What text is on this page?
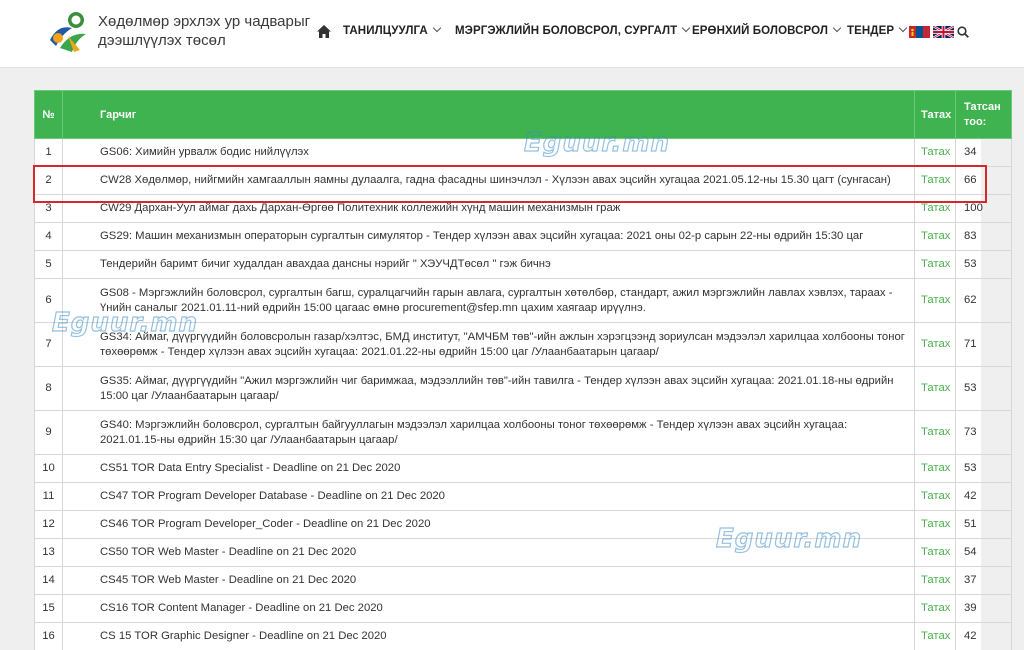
Хөдөлмөр эрхлэх ур чадварыг дээшлүүлэх төсөл
ТАНИЛЦУУЛГА	МЭРГЭЖЛИЙН БОЛОВСРОЛ, СУРГАЛТ	ЕРӨНХИЙ БОЛОВСРОЛ	ТЕНДЕР
№	Гарчиг	Татах	Татсан тоо:
1	GS06: Химийн урвалж бодис нийлүүлэх	Татах	34
2	CW28 Хөдөлмөр, нийгмийн хамгааллын яамны дулаалга, гадна фасадны шинэчлэл - Хүлээн авах эцсийн хугацаа 2021.05.12-ны 15.30 цагт (сунгасан)	Татах	66
3	CW29 Дархан-Уул аймаг дахь Дархан-Өргөө Политехник коллежийн хүнд машин механизмын граж	Татах	100
4	GS29: Машин механизмын операторын сургалтын симулятор - Тендер хүлээн авах эцсийн хугацаа: 2021 оны 02-р сарын 22-ны өдрийн 15:30 цаг	Татах	83
5	Тендерийн баримт бичиг худалдан авахдаа дансны нэрийг " ХЭУЧДТөсөл " гэж бичнэ	Татах	53
6	GS08 - Мэргэжлийн боловсрол, сургалтын багш, суралцагчийн гарын авлага, сургалтын хөтөлбөр, стандарт, ажил мэргэжлийн лавлах хэвлэх, тараах - Үнийн саналыг 2021.01.11-ний өдрийн 15:00 цагаас өмнө procurement@sfep.mn цахим хаягаар ирүүлнэ.	Татах	62
7	GS34: Аймаг, дүүргүүдийн боловсролын газар/хэлтэс, БМД институт, "АМЧБМ төв"-ийн ажлын хэрэгцээнд зориулсан мэдээлэл харилцаа холбооны тоног төхөөрөмж - Тендер хүлээн авах эцсийн хугацаа: 2021.01.22-ны өдрийн 15:00 цаг /Улаанбаатарын цагаар/	Татах	71
8	GS35: Аймаг, дүүргүүдийн "Ажил мэргэжлийн чиг баримжаа, мэдээллийн төв"-ийн тавилга - Тендер хүлээн авах эцсийн хугацаа: 2021.01.18-ны өдрийн 15:00 цаг /Улаанбаатарын цагаар/	Татах	53
9	GS40: Мэргэжлийн боловсрол, сургалтын байгууллагын мэдээлэл харилцаа холбооны тоног төхөөрөмж - Тендер хүлээн авах эцсийн хугацаа: 2021.01.15-ны өдрийн 15:30 цаг /Улаанбаатарын цагаар/	Татах	73
10	CS51 TOR Data Entry Specialist - Deadline on 21 Dec 2020	Татах	53
11	CS47 TOR Program Developer Database - Deadline on 21 Dec 2020	Татах	42
12	CS46 TOR Program Developer_Coder - Deadline on 21 Dec 2020	Татах	51
13	CS50 TOR Web Master - Deadline on 21 Dec 2020	Татах	54
14	CS45 TOR Web Master - Deadline on 21 Dec 2020	Татах	37
15	CS16 TOR Content Manager - Deadline on 21 Dec 2020	Татах	39
16	CS 15 TOR Graphic Designer - Deadline on 21 Dec 2020	Татах	42
